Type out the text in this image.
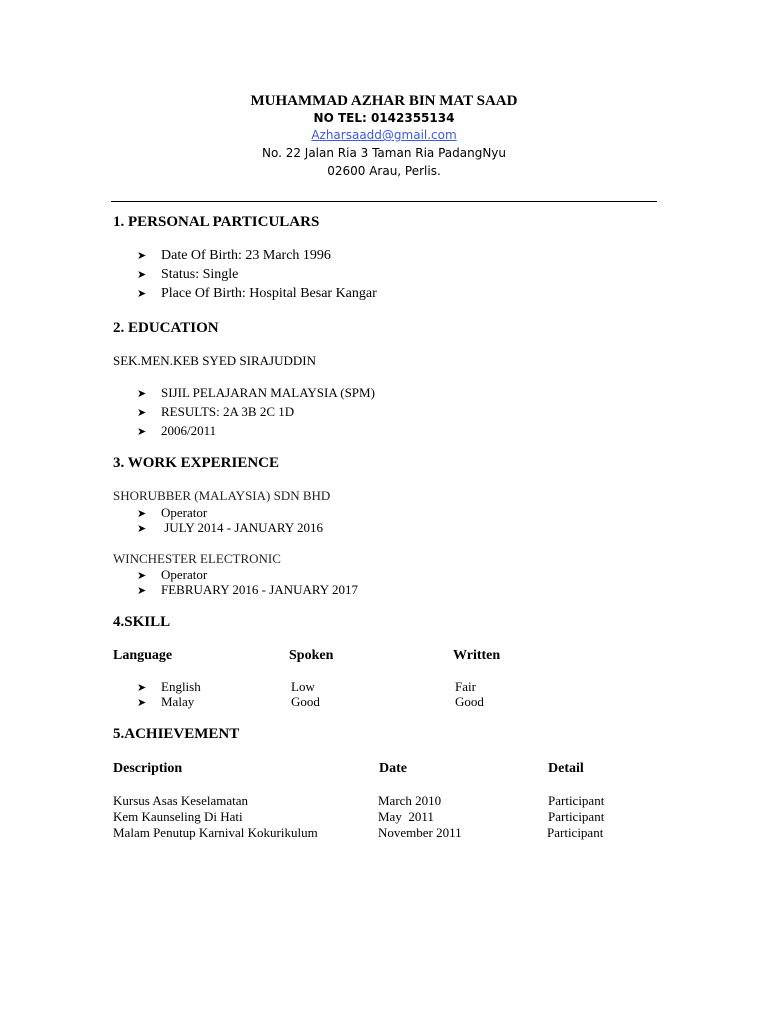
MUHAMMAD AZHAR BIN MAT SAAD
NO TEL: 0142355134
Azharsaadd@gmail.com
No. 22 Jalan Ria 3 Taman Ria PadangNyu
02600 Arau, Perlis.
1. PERSONAL PARTICULARS
➤	Date Of Birth: 23 March 1996
➤	Status: Single
➤	Place Of Birth: Hospital Besar Kangar
2. EDUCATION
SEK.MEN.KEB SYED SIRAJUDDIN
➤	SIJIL PELAJARAN MALAYSIA (SPM)
➤	RESULTS: 2A 3B 2C 1D
➤	2006/2011
3. WORK EXPERIENCE
SHORUBBER (MALAYSIA) SDN BHD
➤	Operator
➤	JULY 2014 - JANUARY 2016
WINCHESTER ELECTRONIC
➤	Operator
➤	FEBRUARY 2016 - JANUARY 2017
4.SKILL
Language	Spoken	Written
➤	English	Low	Fair
➤	Malay	Good	Good
5.ACHIEVEMENT
Description	Date	Detail
Kursus Asas Keselamatan	March 2010	Participant
Kem Kaunseling Di Hati	May  2011	Participant
Malam Penutup Karnival Kokurikulum	November 2011	Participant
